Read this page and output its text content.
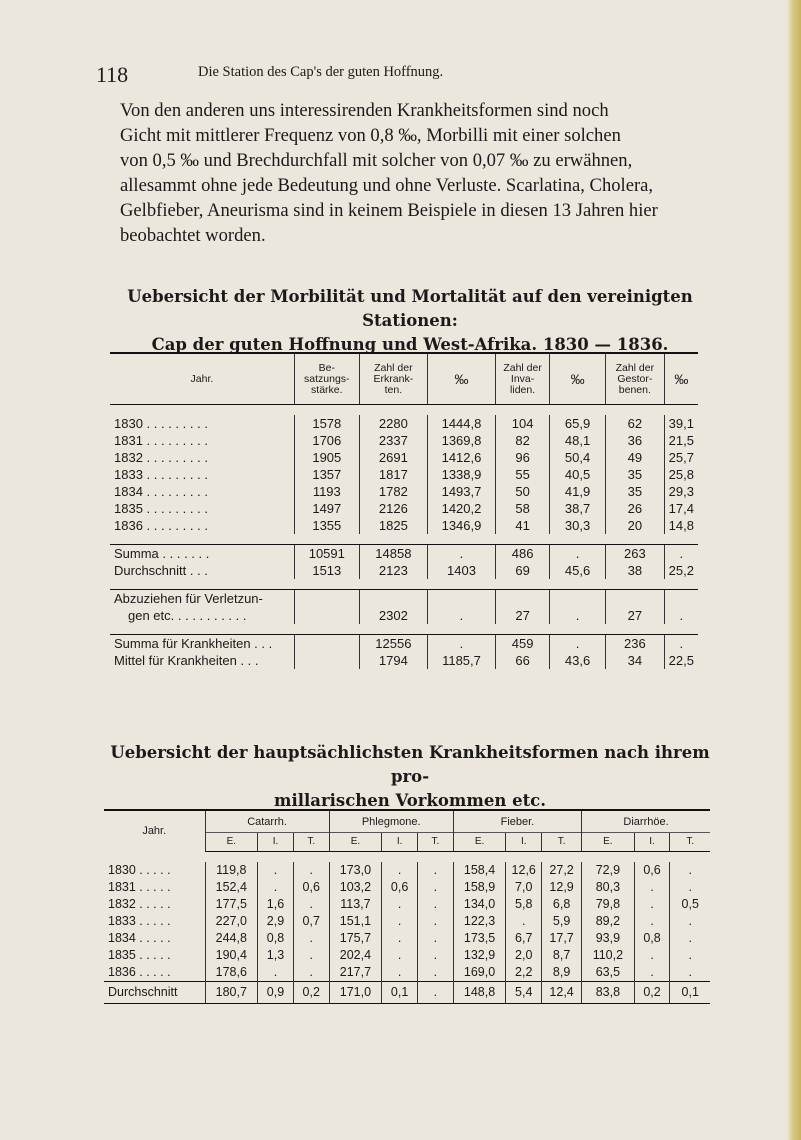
118	Die Station des Cap's der guten Hoffnung.

Von den anderen uns interessirenden Krankheitsformen sind noch

Gicht mit mittlerer Frequenz von 0,8 ‰, Morbilli mit einer solchen

von 0,5 ‰ und Brechdurchfall mit solcher von 0,07 ‰ zu erwähnen,

allesammt ohne jede Bedeutung und ohne Verluste. Scarlatina, Cholera,

Gelbfieber, Aneurisma sind in keinem Beispiele in diesen 13 Jahren hier

beobachtet worden.

Uebersicht der Morbilität und Mortalität auf den vereinigten Stationen:
Cap der guten Hoffnung und West-Afrika. 1830 — 1836.
Jahr.	Be- satzungs- stärke.	Zahl der Erkrank- ten.	‰	Zahl der Inva- liden.	‰	Zahl der Gestor- benen.	‰

1830 . . . . . . . . .	1578	2280	1444,8	104	65,9	62	39,1
1831 . . . . . . . . .	1706	2337	1369,8	82	48,1	36	21,5
1832 . . . . . . . . .	1905	2691	1412,6	96	50,4	49	25,7
1833 . . . . . . . . .	1357	1817	1338,9	55	40,5	35	25,8
1834 . . . . . . . . .	1193	1782	1493,7	50	41,9	35	29,3
1835 . . . . . . . . .	1497	2126	1420,2	58	38,7	26	17,4
1836 . . . . . . . . .	1355	1825	1346,9	41	30,3	20	14,8

Summa . . . . . . .	10591	14858	.	486	.	263	.
Durchschnitt . . .	1513	2123	1403	69	45,6	38	25,2

Abzuziehen für Verletzun-
gen etc. . . . . . . . . . .		2302	.	27	.	27	.

Summa für Krankheiten . . .		12556	.	459	.	236	.
Mittel für Krankheiten . . .		1794	1185,7	66	43,6	34	22,5

Uebersicht der hauptsächlichsten Krankheitsformen nach ihrem pro-
millarischen Vorkommen etc.
Jahr.	Catarrh.			Phlegmone.			Fieber.			Diarrhöe.		
	E.	I.	T.	E.	I.	T.	E.	I.	T.	E.	I.	T.

1830 . . . . .	119,8	.	.	173,0	.	.	158,4	12,6	27,2	72,9	0,6	.
1831 . . . . .	152,4	.	0,6	103,2	0,6	.	158,9	7,0	12,9	80,3	.	.
1832 . . . . .	177,5	1,6	.	113,7	.	.	134,0	5,8	6,8	79,8	.	0,5
1833 . . . . .	227,0	2,9	0,7	151,1	.	.	122,3	.	5,9	89,2	.	.
1834 . . . . .	244,8	0,8	.	175,7	.	.	173,5	6,7	17,7	93,9	0,8	.
1835 . . . . .	190,4	1,3	.	202,4	.	.	132,9	2,0	8,7	110,2	.	.
1836 . . . . .	178,6	.	.	217,7	.	.	169,0	2,2	8,9	63,5	.	.
Durchschnitt	180,7	0,9	0,2	171,0	0,1	.	148,8	5,4	12,4	83,8	0,2	0,1
